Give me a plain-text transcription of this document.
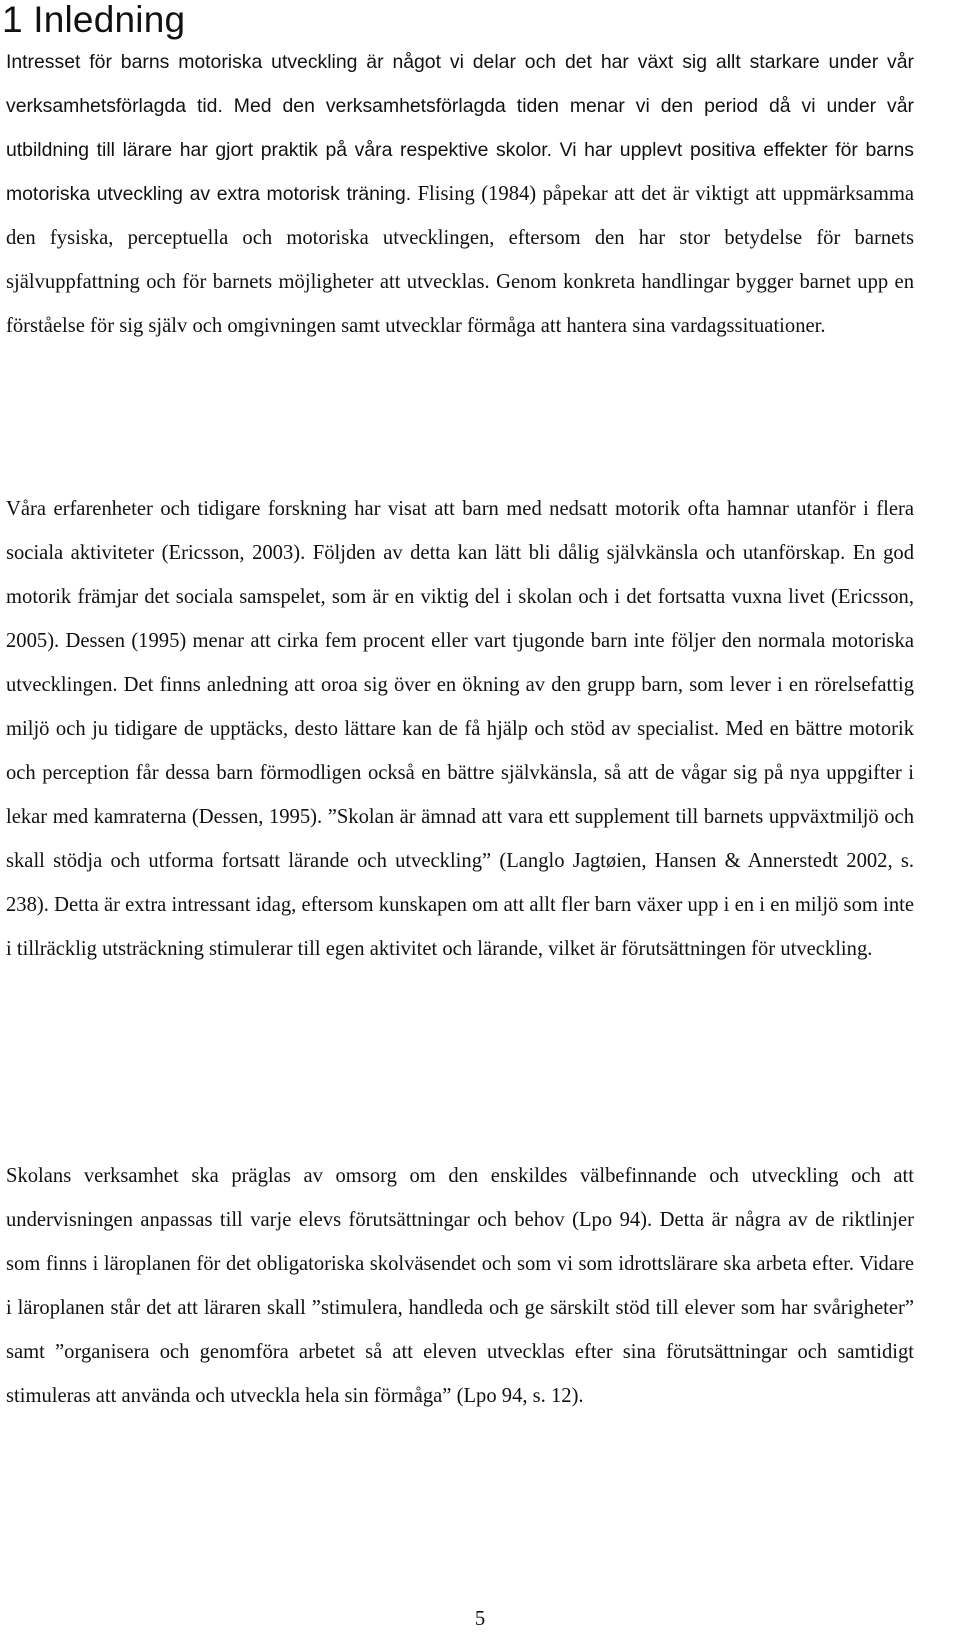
1 Inledning

Intresset för barns motoriska utveckling är något vi delar och det har växt sig allt starkare under vår verksamhetsförlagda tid. Med den verksamhetsförlagda tiden menar vi den period då vi under vår utbildning till lärare har gjort praktik på våra respektive skolor. Vi har upplevt positiva effekter för barns motoriska utveckling av extra motorisk träning. Flising (1984) påpekar att det är viktigt att uppmärksamma den fysiska, perceptuella och motoriska utvecklingen, eftersom den har stor betydelse för barnets självuppfattning och för barnets möjligheter att utvecklas. Genom konkreta handlingar bygger barnet upp en förståelse för sig själv och omgivningen samt utvecklar förmåga att hantera sina vardagssituationer.

Våra erfarenheter och tidigare forskning har visat att barn med nedsatt motorik ofta hamnar utanför i flera sociala aktiviteter (Ericsson, 2003). Följden av detta kan lätt bli dålig självkänsla och utanförskap. En god motorik främjar det sociala samspelet, som är en viktig del i skolan och i det fortsatta vuxna livet (Ericsson, 2005). Dessen (1995) menar att cirka fem procent eller vart tjugonde barn inte följer den normala motoriska utvecklingen. Det finns anledning att oroa sig över en ökning av den grupp barn, som lever i en rörelsefattig miljö och ju tidigare de upptäcks, desto lättare kan de få hjälp och stöd av specialist. Med en bättre motorik och perception får dessa barn förmodligen också en bättre självkänsla, så att de vågar sig på nya uppgifter i lekar med kamraterna (Dessen, 1995). ”Skolan är ämnad att vara ett supplement till barnets uppväxtmiljö och skall stödja och utforma fortsatt lärande och utveckling” (Langlo Jagtøien, Hansen & Annerstedt 2002, s. 238). Detta är extra intressant idag, eftersom kunskapen om att allt fler barn växer upp i en i en miljö som inte i tillräcklig utsträckning stimulerar till egen aktivitet och lärande, vilket är förutsättningen för utveckling.

Skolans verksamhet ska präglas av omsorg om den enskildes välbefinnande och utveckling och att undervisningen anpassas till varje elevs förutsättningar och behov (Lpo 94). Detta är några av de riktlinjer som finns i läroplanen för det obligatoriska skolväsendet och som vi som idrottslärare ska arbeta efter. Vidare i läroplanen står det att läraren skall ”stimulera, handleda och ge särskilt stöd till elever som har svårigheter” samt ”organisera och genomföra arbetet så att eleven utvecklas efter sina förutsättningar och samtidigt stimuleras att använda och utveckla hela sin förmåga” (Lpo 94, s. 12).

5
